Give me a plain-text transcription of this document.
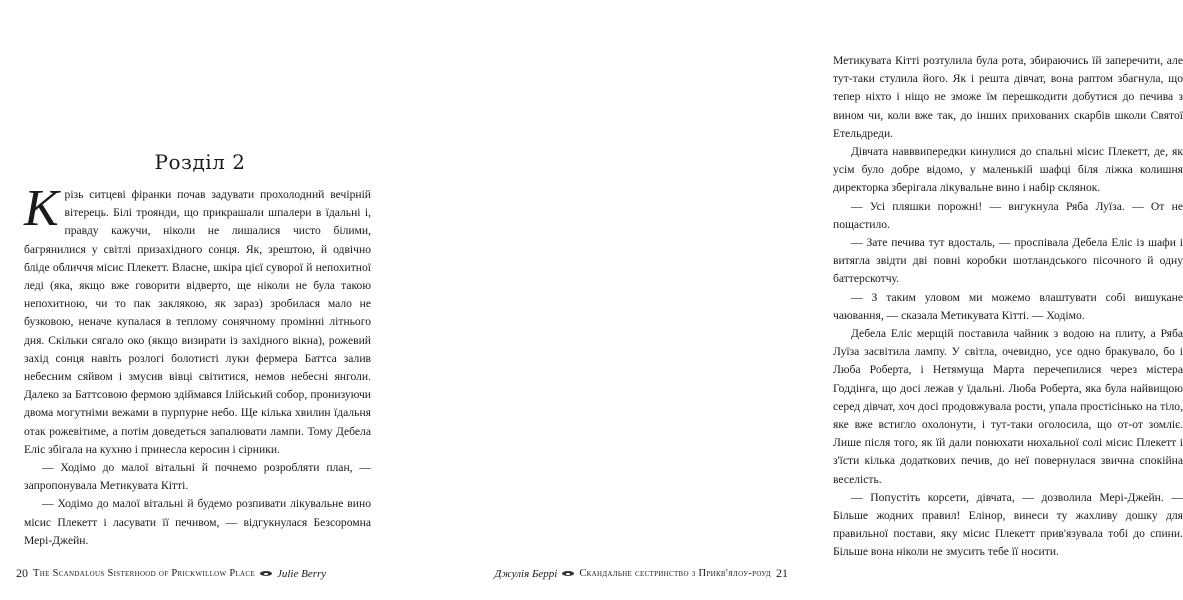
Розділ 2

Крізь ситцеві фіранки почав задувати прохолодний вечірній вітерець. Білі троянди, що прикрашали шпалери в їдальні і, правду кажучи, ніколи не лишалися чисто білими, багрянилися у світлі призахідного сонця. Як, зрештою, й одвічно бліде обличчя місис Плекетт. Власне, шкіра цієї суворої й непохитної леді (яка, якщо вже говорити відверто, ще ніколи не була такою непохитною, чи то пак заклякою, як зараз) зробилася мало не бузковою, неначе купалася в теплому сонячному промінні літнього дня. Скільки сягало око (якщо визирати із західного вікна), рожевий захід сонця навіть розлогі болотисті луки фермера Баттса залив небесним сяйвом і змусив вівці світитися, немов небесні янголи. Далеко за Баттсовою фермою здіймався Ілійський собор, пронизуючи двома могутніми вежами в пурпурне небо. Ще кілька хвилин їдальня отак рожевітиме, а потім доведеться запалювати лампи. Тому Дебела Еліс збігала на кухню і принесла керосин і сірники.

— Ходімо до малої вітальні й почнемо розробляти план, — запропонувала Метикувата Кітті.

— Ходімо до малої вітальні й будемо розпивати лікувальне вино місис Плекетт і ласувати її печивом, — відгукнулася Безсоромна Мері-Джейн.

20 The Scandalous Sisterhood of Prickwillow Place Julie Berry

Метикувата Кітті розтулила була рота, збираючись їй заперечити, але тут-таки стулила його. Як і решта дівчат, вона раптом збагнула, що тепер ніхто і ніщо не зможе їм перешкодити добутися до печива з вином чи, коли вже так, до інших прихованих скарбів школи Святої Етельдреди.

Дівчата навввипередки кинулися до спальні місис Плекетт, де, як усім було добре відомо, у маленькій шафці біля ліжка колишня директорка зберігала лікувальне вино і набір склянок.

— Усі пляшки порожні! — вигукнула Ряба Луїза. — От не пощастило.

— Зате печива тут вдосталь, — проспівала Дебела Еліс із шафи і витягла звідти дві повні коробки шотландського пісочного й одну баттерскотчу.

— З таким уловом ми можемо влаштувати собі вишукане чаювання, — сказала Метикувата Кітті. — Ходімо.

Дебела Еліс мерщій поставила чайник з водою на плиту, а Ряба Луїза засвітила лампу. У світла, очевидно, усе одно бракувало, бо і Люба Роберта, і Нетямуща Марта перечепилися через містера Годдінга, що досі лежав у їдальні. Люба Роберта, яка була найвищою серед дівчат, хоч досі продовжувала рости, упала простісінько на тіло, яке вже встигло охолонути, і тут-таки оголосила, що от-от зомліє. Лише після того, як їй дали понюхати нюхальної солі місис Плекетт і з'їсти кілька додаткових печив, до неї повернулася звична спокійна веселість.

— Попустіть корсети, дівчата, — дозволила Мері-Джейн. — Більше жодних правил! Елінор, винеси ту жахливу дошку для правильної постави, яку місис Плекетт прив'язувала тобі до спини. Більше вона ніколи не змусить тебе її носити.

Джулія Беррі Скандальне сестринство з Прикв'ялоу-роуд 21
